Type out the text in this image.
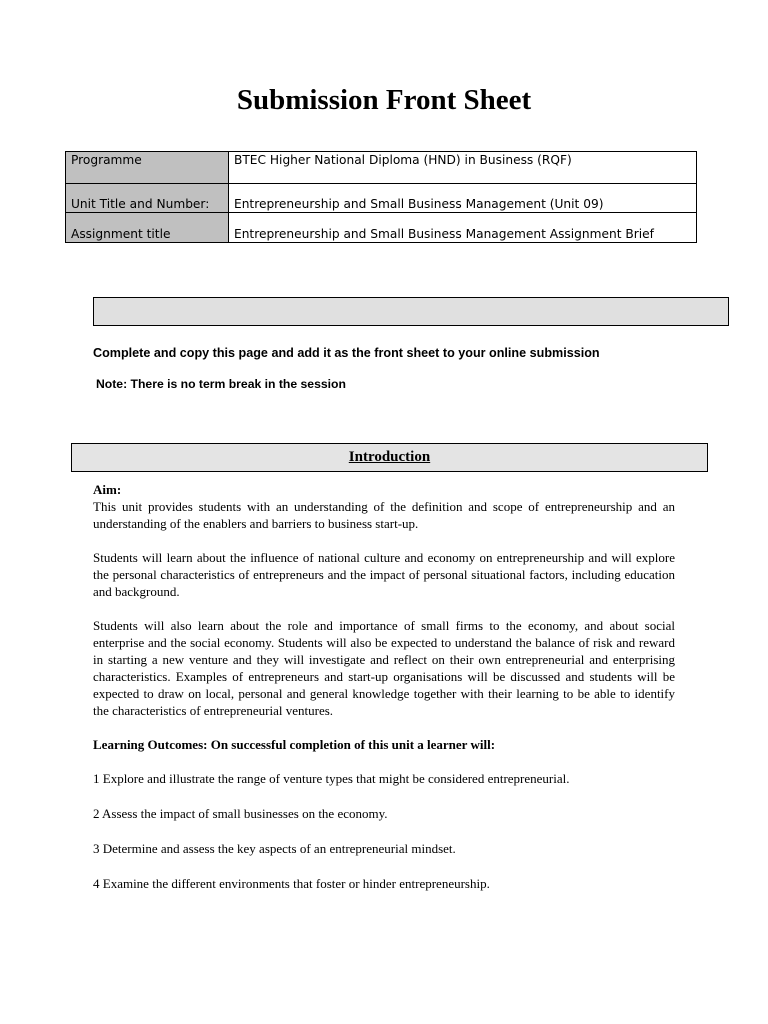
Submission Front Sheet
Programme	BTEC Higher National Diploma (HND) in Business (RQF)
Unit Title and Number:	Entrepreneurship and Small Business Management (Unit 09)
Assignment title	Entrepreneurship and Small Business Management Assignment Brief
Complete and copy this page and add it as the front sheet to your online submission
Note: There is no term break in the session
Introduction

Aim:

This unit provides students with an understanding of the definition and scope of entrepreneurship and an understanding of the enablers and barriers to business start-up.

Students will learn about the influence of national culture and economy on entrepreneurship and will explore the personal characteristics of entrepreneurs and the impact of personal situational factors, including education and background.

Students will also learn about the role and importance of small firms to the economy, and about social enterprise and the social economy. Students will also be expected to understand the balance of risk and reward in starting a new venture and they will investigate and reflect on their own entrepreneurial and enterprising characteristics. Examples of entrepreneurs and start-up organisations will be discussed and students will be expected to draw on local, personal and general knowledge together with their learning to be able to identify the characteristics of entrepreneurial ventures.

Learning Outcomes: On successful completion of this unit a learner will:

1 Explore and illustrate the range of venture types that might be considered entrepreneurial.

2 Assess the impact of small businesses on the economy.

3 Determine and assess the key aspects of an entrepreneurial mindset.

4 Examine the different environments that foster or hinder entrepreneurship.
